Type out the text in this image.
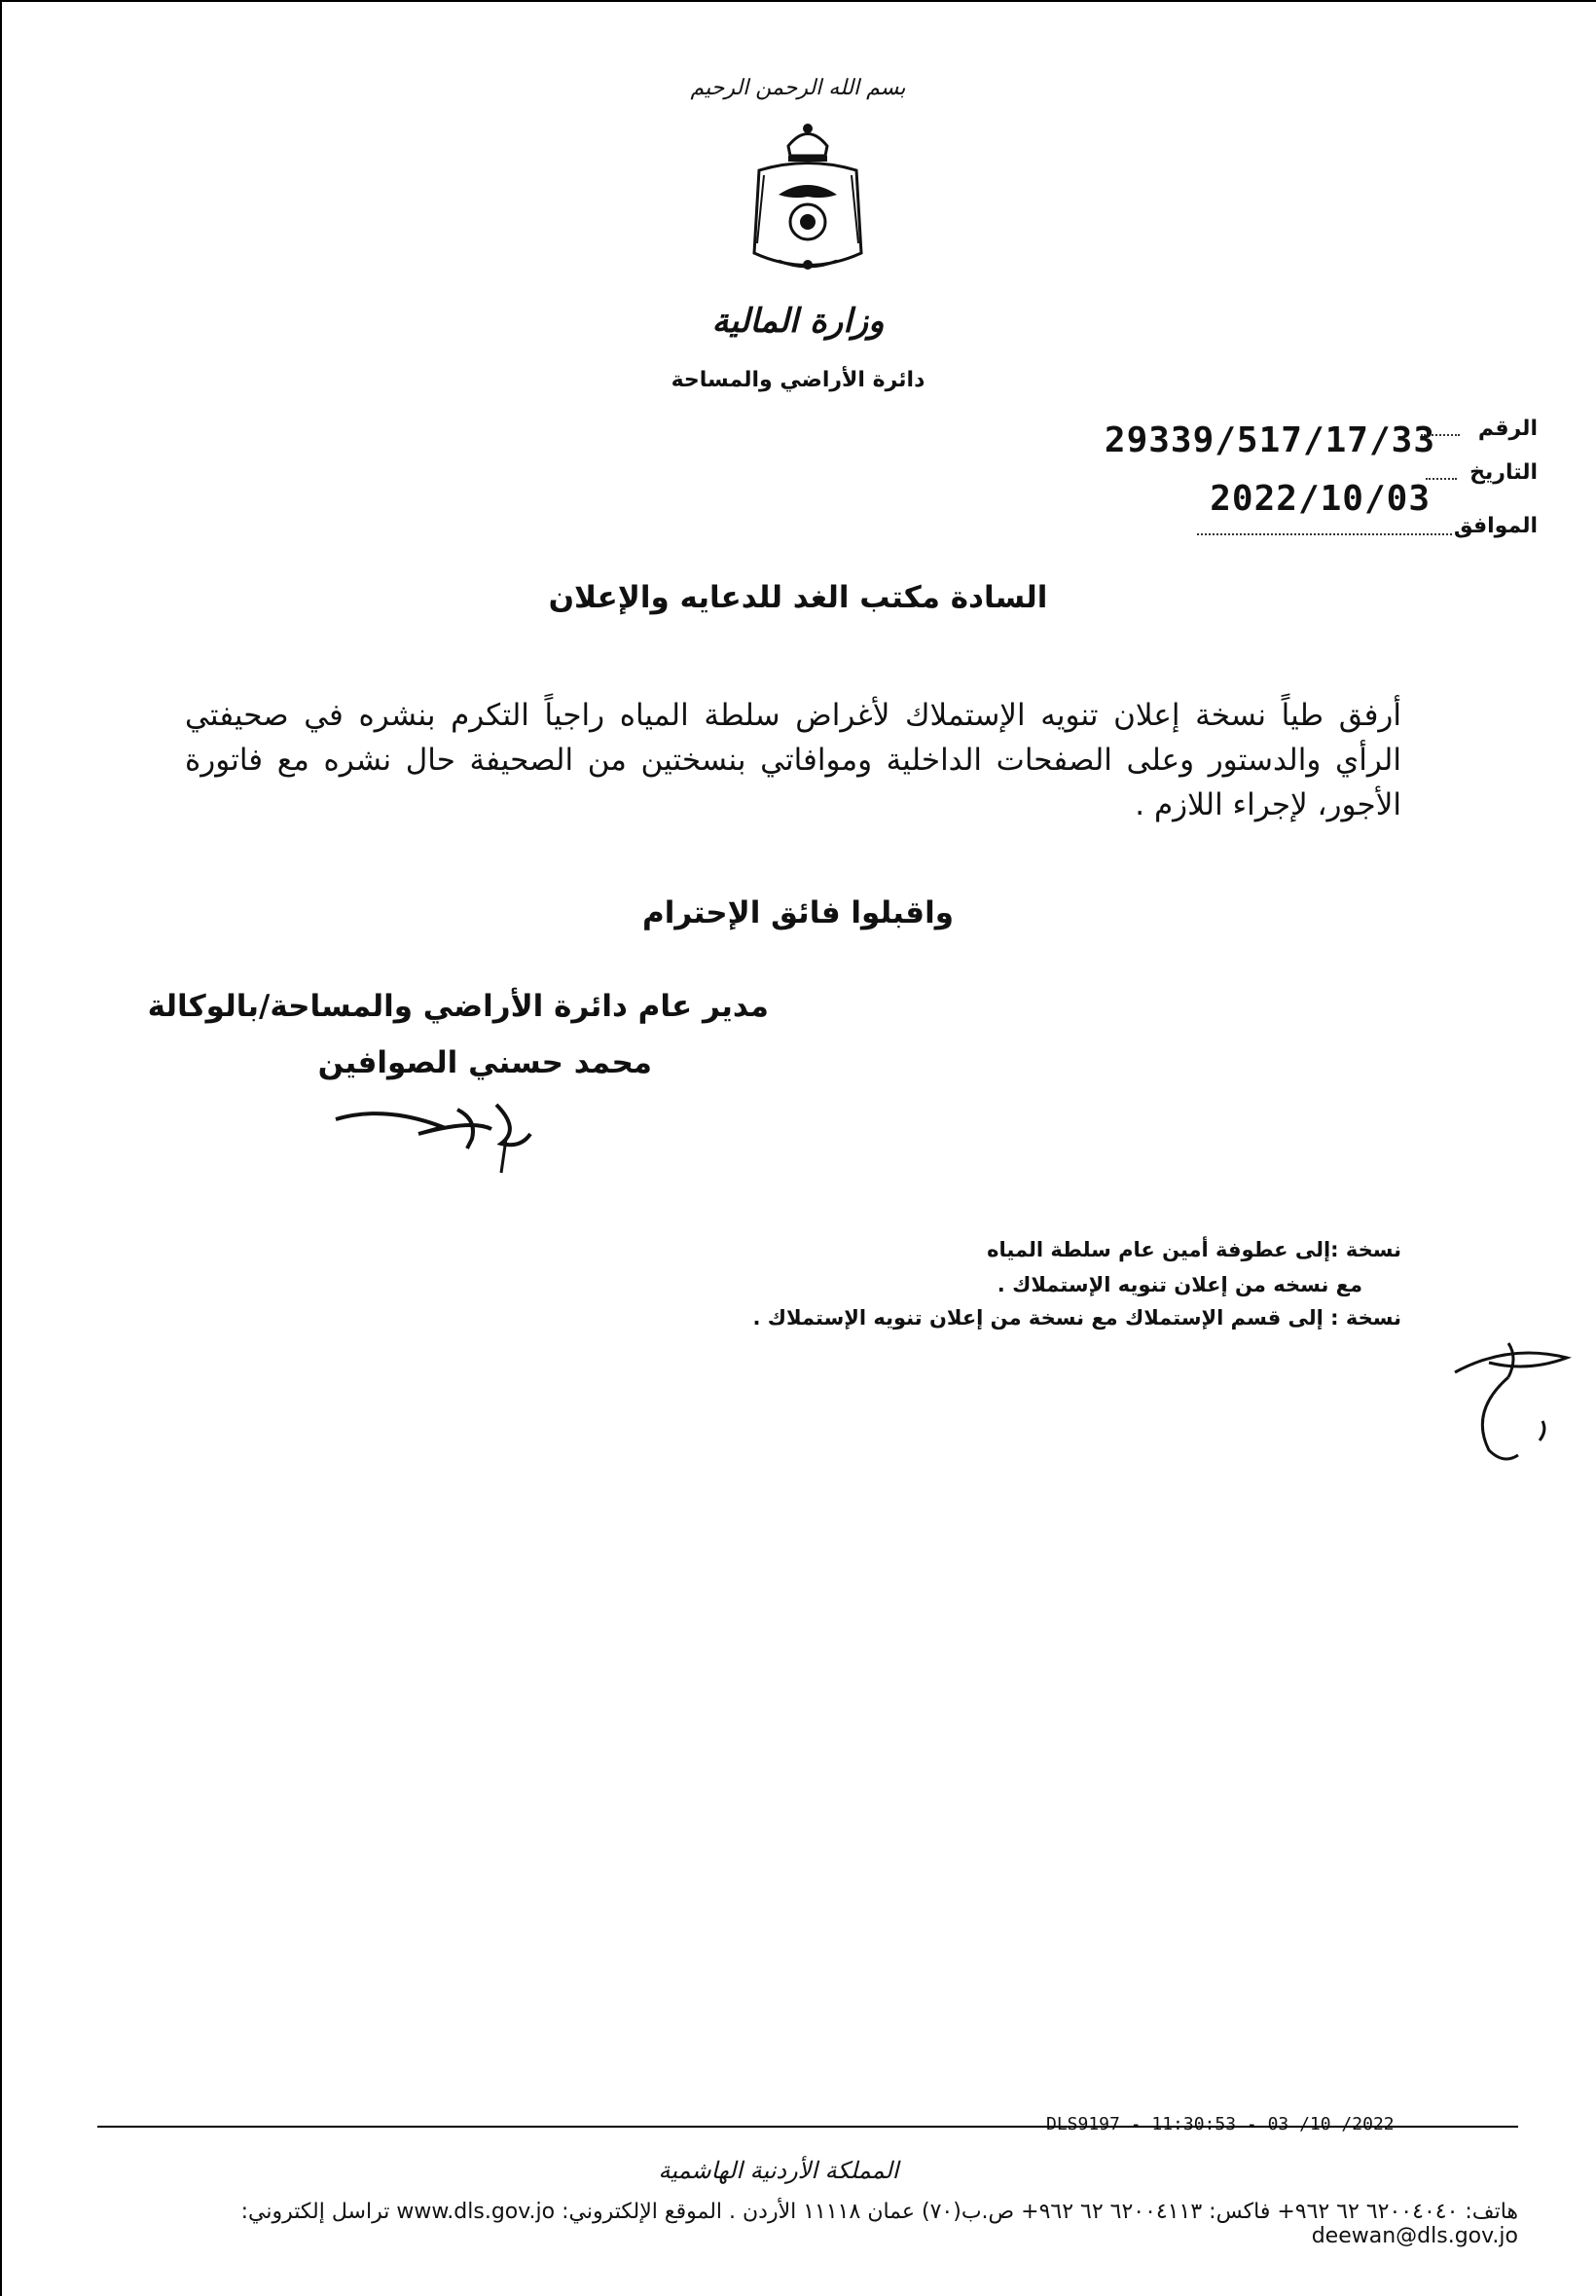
بسم الله الرحمن الرحيم
وزارة المالية
دائرة الأراضي والمساحة
الرقم
29339/517/17/33
التاريخ
2022/10/03
الموافق
السادة مكتب الغد للدعايه والإعلان
أرفق طياً نسخة إعلان تنويه الإستملاك لأغراض سلطة المياه راجياً التكرم بنشره في صحيفتي الرأي والدستور وعلى الصفحات الداخلية وموافاتي بنسختين من الصحيفة حال نشره مع فاتورة الأجور، لإجراء اللازم .
واقبلوا فائق الإحترام
مدير عام دائرة الأراضي والمساحة/بالوكالة
محمد حسني الصوافين
نسخة :إلى عطوفة أمين عام سلطة المياه
مع نسخه من إعلان تنويه الإستملاك .
نسخة : إلى قسم الإستملاك مع نسخة من إعلان تنويه الإستملاك .
DLS9197 - 11:30:53 - 03 /10 /2022
المملكة الأردنية الهاشمية
هاتف: ٦٢٠٠٤٠٤٠ ٦٢ ٩٦٢+ فاكس: ٦٢٠٠٤١١٣ ٦٢ ٩٦٢+ ص.ب(٧٠) عمان ١١١١٨ الأردن . الموقع الإلكتروني: www.dls.gov.jo تراسل إلكتروني: deewan@dls.gov.jo
